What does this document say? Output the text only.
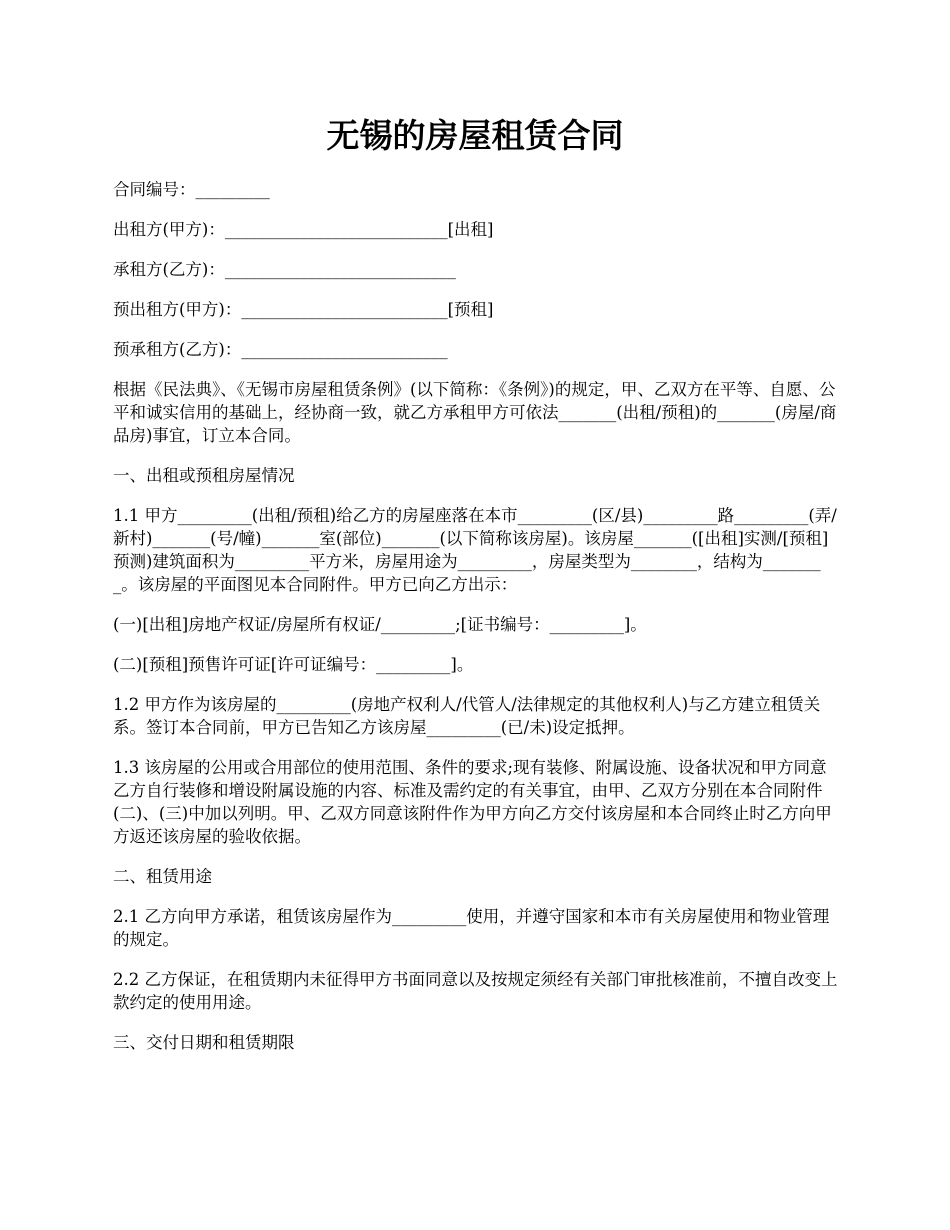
无锡的房屋租赁合同

合同编号：_________

出租方(甲方)：___________________________[出租]

承租方(乙方)：____________________________

预出租方(甲方)：_________________________[预租]

预承租方(乙方)：_________________________

根据《民法典》、《无锡市房屋租赁条例》(以下简称：《条例》)的规定，甲、乙双方在平等、自愿、公平和诚实信用的基础上，经协商一致，就乙方承租甲方可依法_______(出租/预租)的_______(房屋/商品房)事宜，订立本合同。

一、出租或预租房屋情况

1.1 甲方_________(出租/预租)给乙方的房屋座落在本市_________(区/县)_________路_________(弄/新村)_______(号/幢)_______室(部位)_______(以下简称该房屋)。该房屋_______([出租]实测/[预租]预测)建筑面积为_________平方米，房屋用途为_________，房屋类型为________，结构为________。该房屋的平面图见本合同附件。甲方已向乙方出示：

(一)[出租]房地产权证/房屋所有权证/_________;[证书编号：_________]。

(二)[预租]预售许可证[许可证编号：_________]。

1.2 甲方作为该房屋的_________(房地产权利人/代管人/法律规定的其他权利人)与乙方建立租赁关系。签订本合同前，甲方已告知乙方该房屋_________(已/未)设定抵押。

1.3 该房屋的公用或合用部位的使用范围、条件的要求;现有装修、附属设施、设备状况和甲方同意乙方自行装修和增设附属设施的内容、标准及需约定的有关事宜，由甲、乙双方分别在本合同附件(二)、(三)中加以列明。甲、乙双方同意该附件作为甲方向乙方交付该房屋和本合同终止时乙方向甲方返还该房屋的验收依据。

二、租赁用途

2.1 乙方向甲方承诺，租赁该房屋作为_________使用，并遵守国家和本市有关房屋使用和物业管理的规定。

2.2 乙方保证，在租赁期内未征得甲方书面同意以及按规定须经有关部门审批核准前，不擅自改变上款约定的使用用途。

三、交付日期和租赁期限
